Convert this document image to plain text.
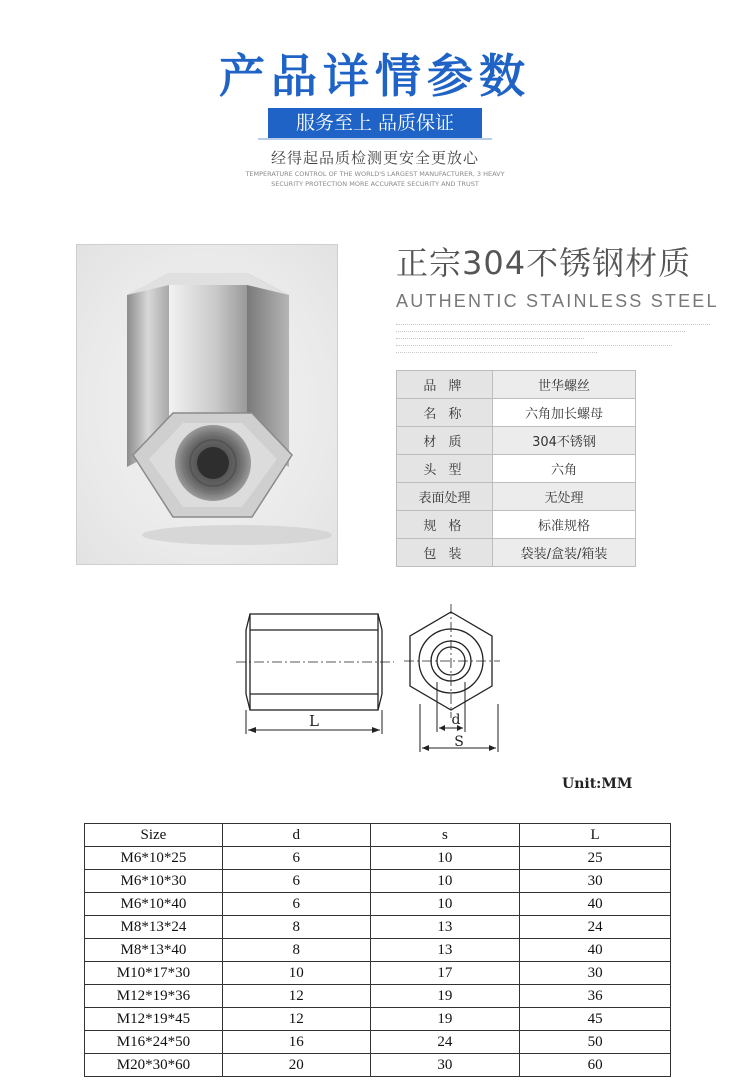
产品详情参数
服务至上 品质保证
经得起品质检测更安全更放心
TEMPERATURE CONTROL OF THE WORLD'S LARGEST MANUFACTURER, 3 HEAVY
SECURITY PROTECTION MORE ACCURATE SECURITY AND TRUST
正宗304不锈钢材质
AUTHENTIC STAINLESS STEEL
品 牌	世华螺丝
名 称	六角加长螺母
材 质	304不锈钢
头 型	六角
表面处理	无处理
规 格	标准规格
包 装	袋装/盒装/箱装
L	d
S
Unit:MM
Size	d	s	L
M6*10*25	6	10	25
M6*10*30	6	10	30
M6*10*40	6	10	40
M8*13*24	8	13	24
M8*13*40	8	13	40
M10*17*30	10	17	30
M12*19*36	12	19	36
M12*19*45	12	19	45
M16*24*50	16	24	50
M20*30*60	20	30	60
